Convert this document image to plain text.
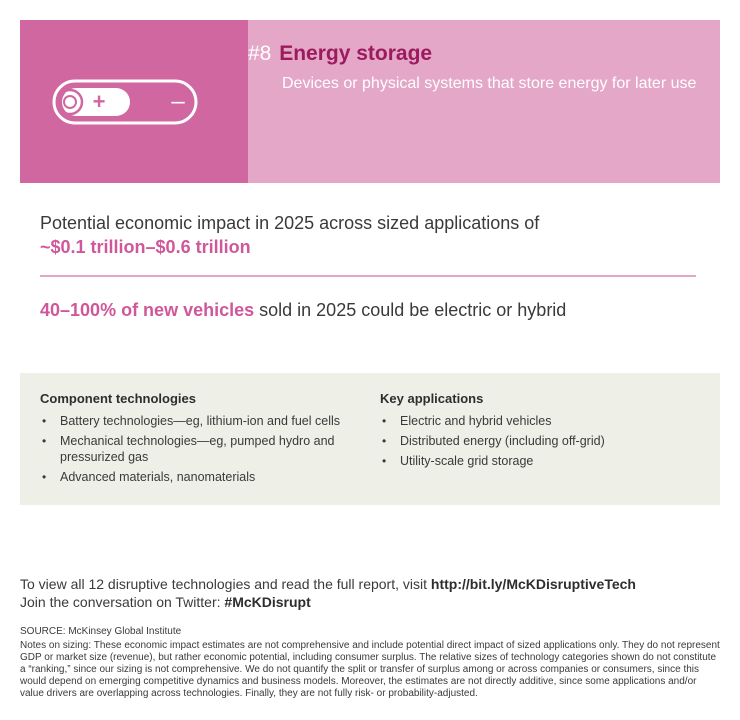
+	–
#8 Energy storage
Devices or physical systems that store energy for later use
Potential economic impact in 2025 across sized applications of
~$0.1 trillion–$0.6 trillion
40–100% of new vehicles sold in 2025 could be electric or hybrid
Component technologies
• Battery technologies—eg, lithium-ion and fuel cells
• Mechanical technologies—eg, pumped hydro and pressurized gas
• Advanced materials, nanomaterials
Key applications
• Electric and hybrid vehicles
• Distributed energy (including off-grid)
• Utility-scale grid storage
To view all 12 disruptive technologies and read the full report, visit http://bit.ly/McKDisruptiveTech
Join the conversation on Twitter: #McKDisrupt
SOURCE: McKinsey Global Institute
Notes on sizing: These economic impact estimates are not comprehensive and include potential direct impact of sized applications only. They do not represent GDP or market size (revenue), but rather economic potential, including consumer surplus. The relative sizes of technology categories shown do not constitute a “ranking,” since our sizing is not comprehensive. We do not quantify the split or transfer of surplus among or across companies or consumers, since this would depend on emerging competitive dynamics and business models. Moreover, the estimates are not directly additive, since some applications and/or value drivers are overlapping across technologies. Finally, they are not fully risk- or probability-adjusted.
